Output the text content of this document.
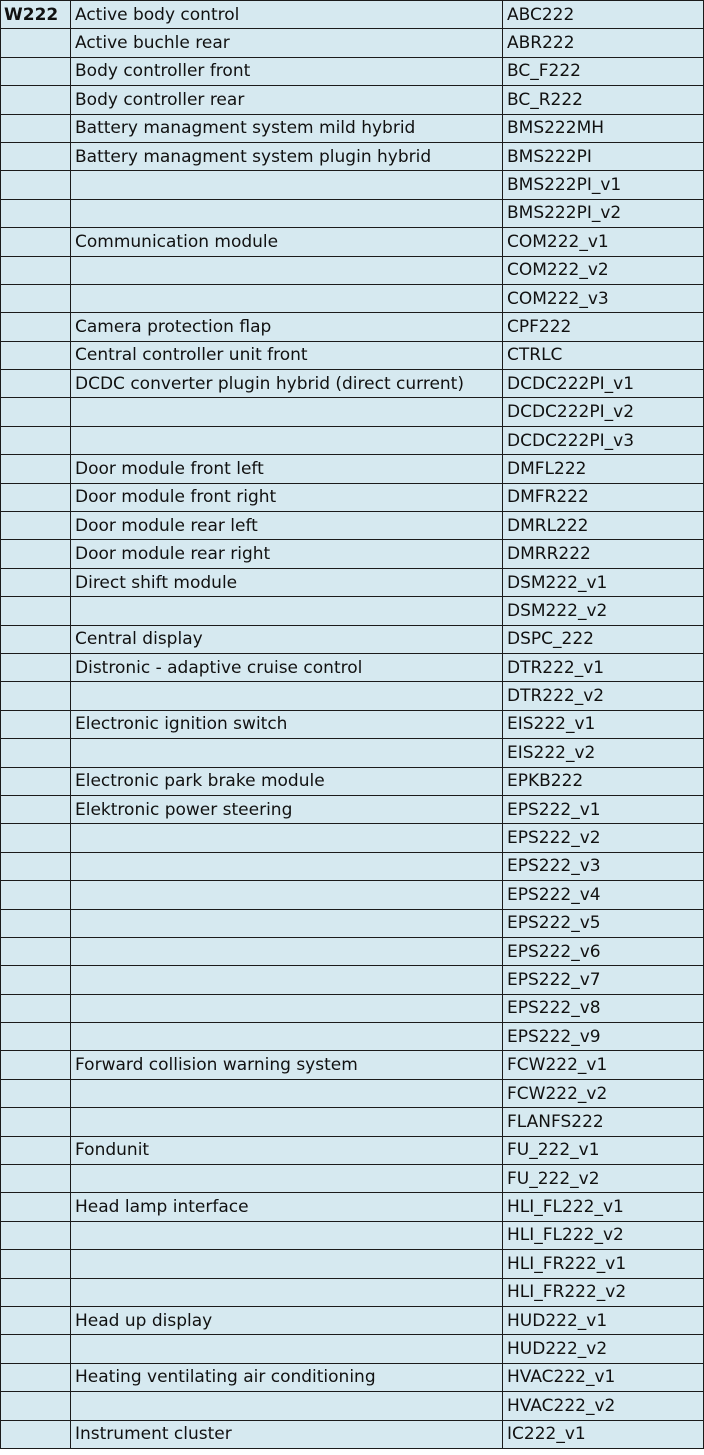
W222	Active body control	ABC222
	Active buchle rear	ABR222
	Body controller front	BC_F222
	Body controller rear	BC_R222
	Battery managment system mild hybrid	BMS222MH
	Battery managment system plugin hybrid	BMS222PI
		BMS222PI_v1
		BMS222PI_v2
	Communication module	COM222_v1
		COM222_v2
		COM222_v3
	Camera protection flap	CPF222
	Central controller unit front	CTRLC
	DCDC converter plugin hybrid (direct current)	DCDC222PI_v1
		DCDC222PI_v2
		DCDC222PI_v3
	Door module front left	DMFL222
	Door module front right	DMFR222
	Door module rear left	DMRL222
	Door module rear right	DMRR222
	Direct shift module	DSM222_v1
		DSM222_v2
	Central display	DSPC_222
	Distronic - adaptive cruise control	DTR222_v1
		DTR222_v2
	Electronic ignition switch	EIS222_v1
		EIS222_v2
	Electronic park brake module	EPKB222
	Elektronic power steering	EPS222_v1
		EPS222_v2
		EPS222_v3
		EPS222_v4
		EPS222_v5
		EPS222_v6
		EPS222_v7
		EPS222_v8
		EPS222_v9
	Forward collision warning system	FCW222_v1
		FCW222_v2
		FLANFS222
	Fondunit	FU_222_v1
		FU_222_v2
	Head lamp interface	HLI_FL222_v1
		HLI_FL222_v2
		HLI_FR222_v1
		HLI_FR222_v2
	Head up display	HUD222_v1
		HUD222_v2
	Heating ventilating air conditioning	HVAC222_v1
		HVAC222_v2
	Instrument cluster	IC222_v1
